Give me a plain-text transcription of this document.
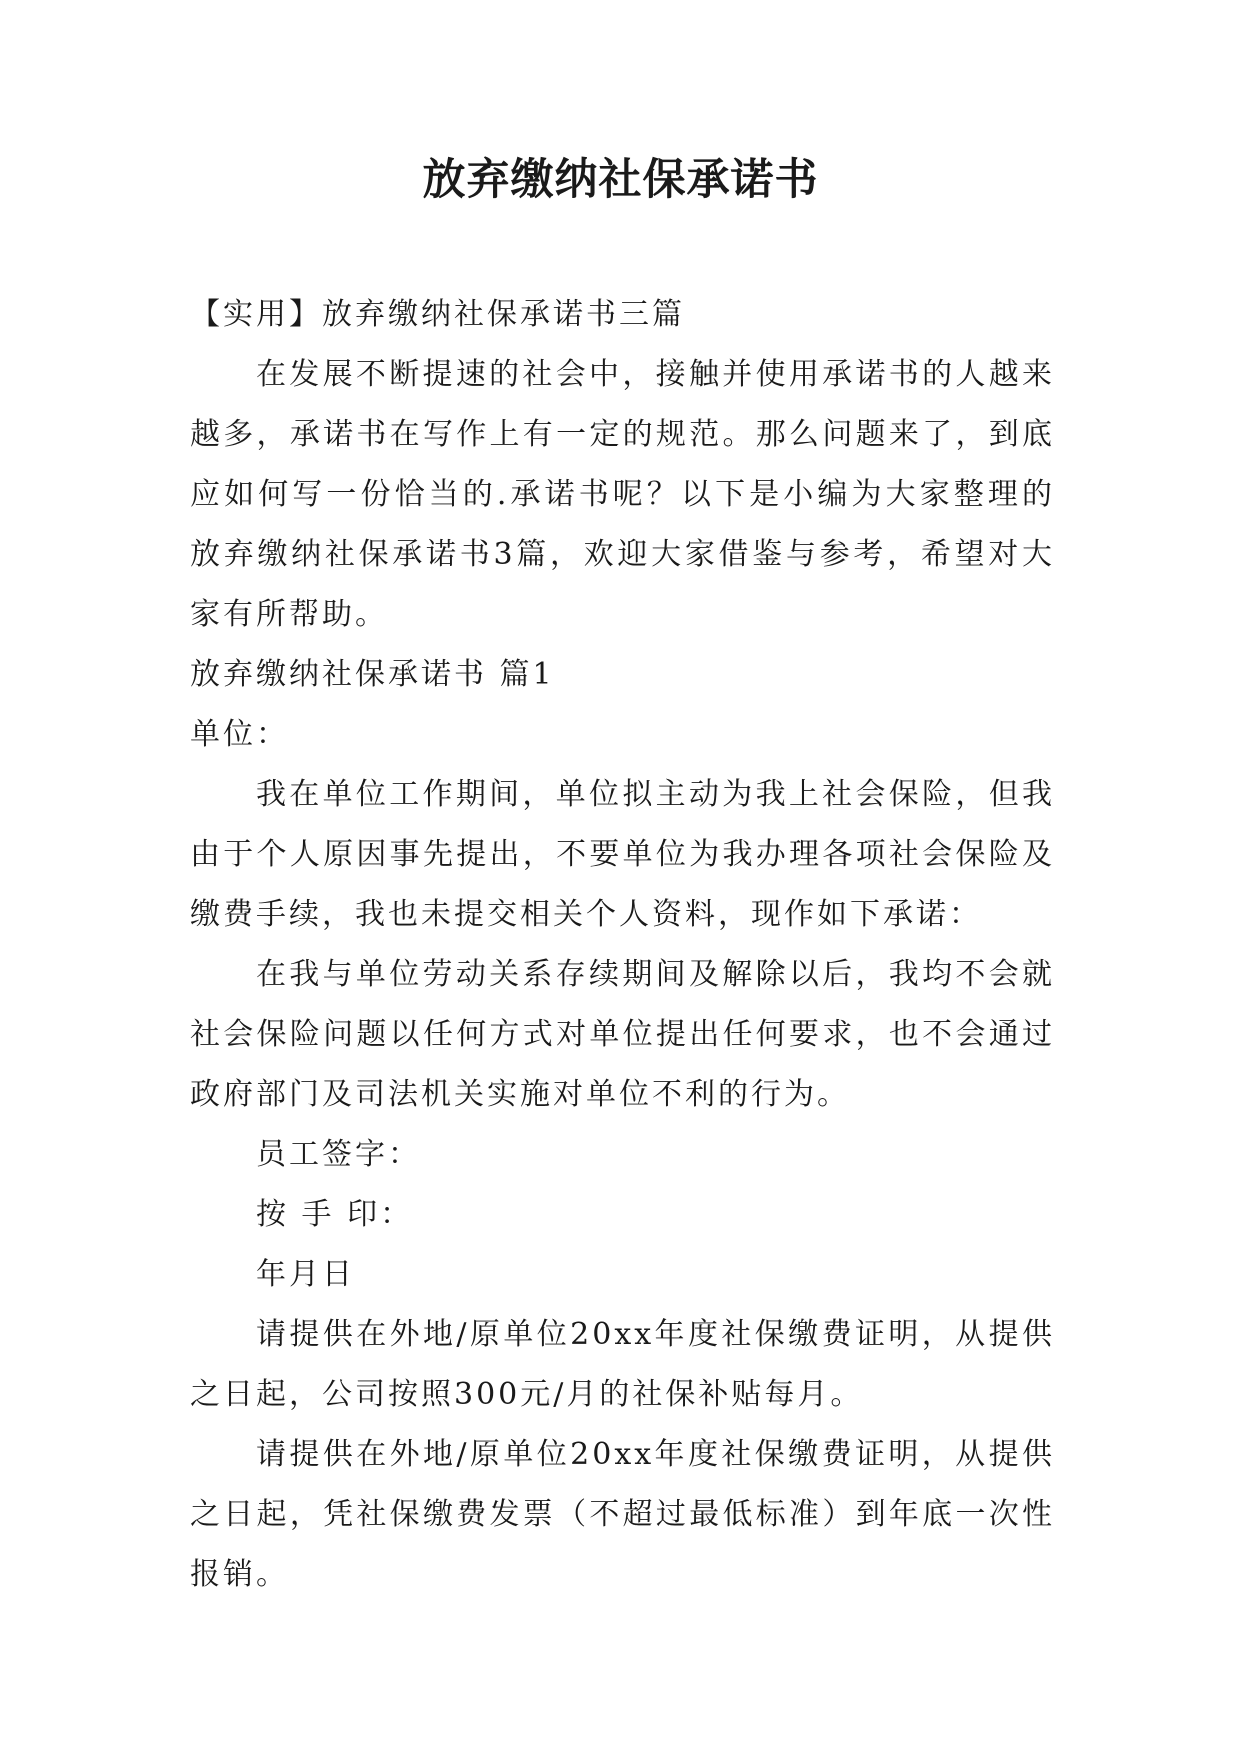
放弃缴纳社保承诺书

【实用】放弃缴纳社保承诺书三篇

在发展不断提速的社会中，接触并使用承诺书的人越来越多，承诺书在写作上有一定的规范。那么问题来了，到底应如何写一份恰当的.承诺书呢？以下是小编为大家整理的放弃缴纳社保承诺书3篇，欢迎大家借鉴与参考，希望对大家有所帮助。

放弃缴纳社保承诺书 篇1

单位：

我在单位工作期间，单位拟主动为我上社会保险，但我由于个人原因事先提出，不要单位为我办理各项社会保险及缴费手续，我也未提交相关个人资料，现作如下承诺：

在我与单位劳动关系存续期间及解除以后，我均不会就社会保险问题以任何方式对单位提出任何要求，也不会通过政府部门及司法机关实施对单位不利的行为。

员工签字：

按 手 印：

年月日

请提供在外地/原单位20xx年度社保缴费证明，从提供之日起，公司按照300元/月的社保补贴每月。

请提供在外地/原单位20xx年度社保缴费证明，从提供之日起，凭社保缴费发票（不超过最低标准）到年底一次性报销。
